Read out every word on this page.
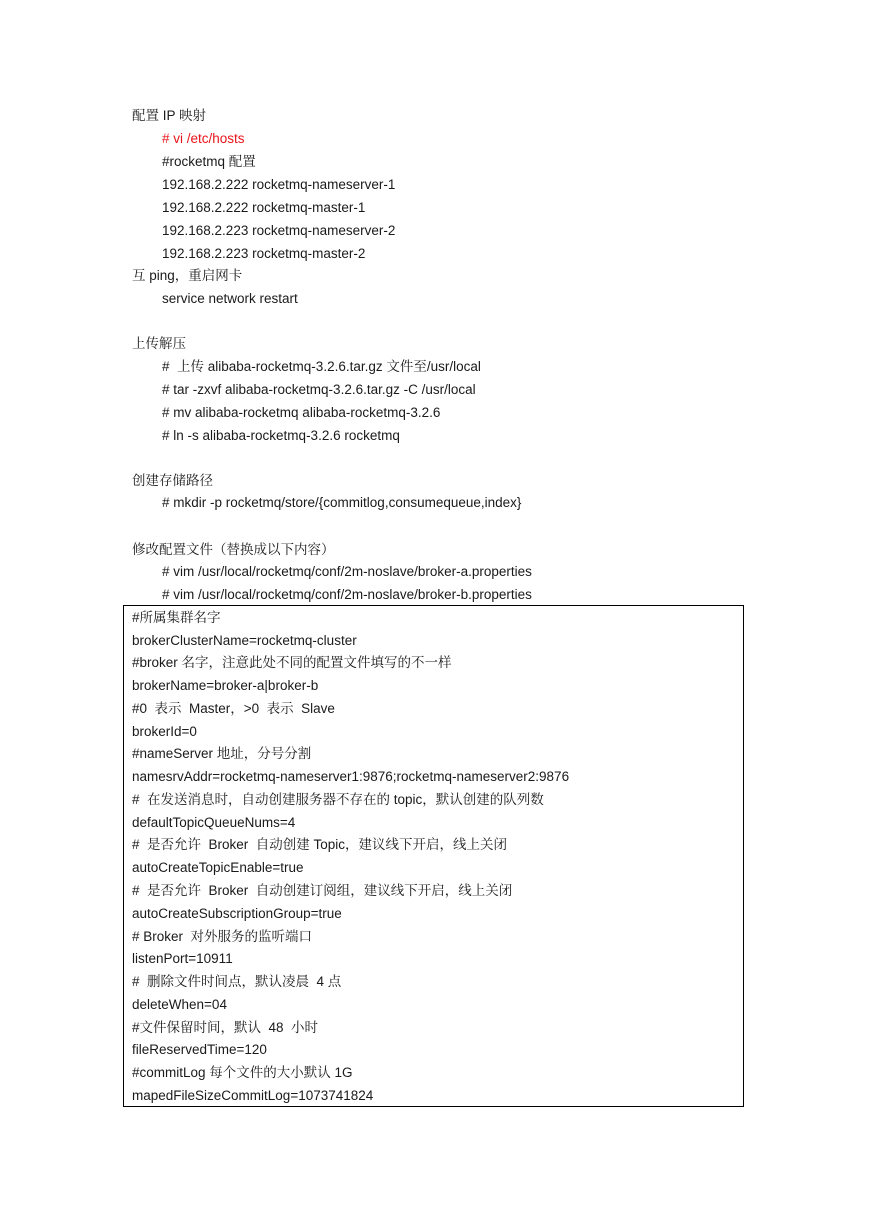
配置 IP 映射
# vi /etc/hosts
#rocketmq 配置
192.168.2.222 rocketmq-nameserver-1
192.168.2.222 rocketmq-master-1
192.168.2.223 rocketmq-nameserver-2
192.168.2.223 rocketmq-master-2
互 ping，重启网卡
service network restart
上传解压
#  上传 alibaba-rocketmq-3.2.6.tar.gz 文件至/usr/local
# tar -zxvf alibaba-rocketmq-3.2.6.tar.gz -C /usr/local
# mv alibaba-rocketmq alibaba-rocketmq-3.2.6
# ln -s alibaba-rocketmq-3.2.6 rocketmq
创建存储路径
# mkdir -p rocketmq/store/{commitlog,consumequeue,index}
修改配置文件（替换成以下内容）
# vim /usr/local/rocketmq/conf/2m-noslave/broker-a.properties
# vim /usr/local/rocketmq/conf/2m-noslave/broker-b.properties
#所属集群名字
brokerClusterName=rocketmq-cluster
#broker 名字，注意此处不同的配置文件填写的不一样
brokerName=broker-a|broker-b
#0  表示  Master，>0  表示  Slave
brokerId=0
#nameServer 地址，分号分割
namesrvAddr=rocketmq-nameserver1:9876;rocketmq-nameserver2:9876
#  在发送消息时，自动创建服务器不存在的 topic，默认创建的队列数
defaultTopicQueueNums=4
#  是否允许  Broker  自动创建 Topic，建议线下开启，线上关闭
autoCreateTopicEnable=true
#  是否允许  Broker  自动创建订阅组，建议线下开启，线上关闭
autoCreateSubscriptionGroup=true
# Broker  对外服务的监听端口
listenPort=10911
#  删除文件时间点，默认凌晨  4 点
deleteWhen=04
#文件保留时间，默认  48  小时
fileReservedTime=120
#commitLog 每个文件的大小默认 1G
mapedFileSizeCommitLog=1073741824
